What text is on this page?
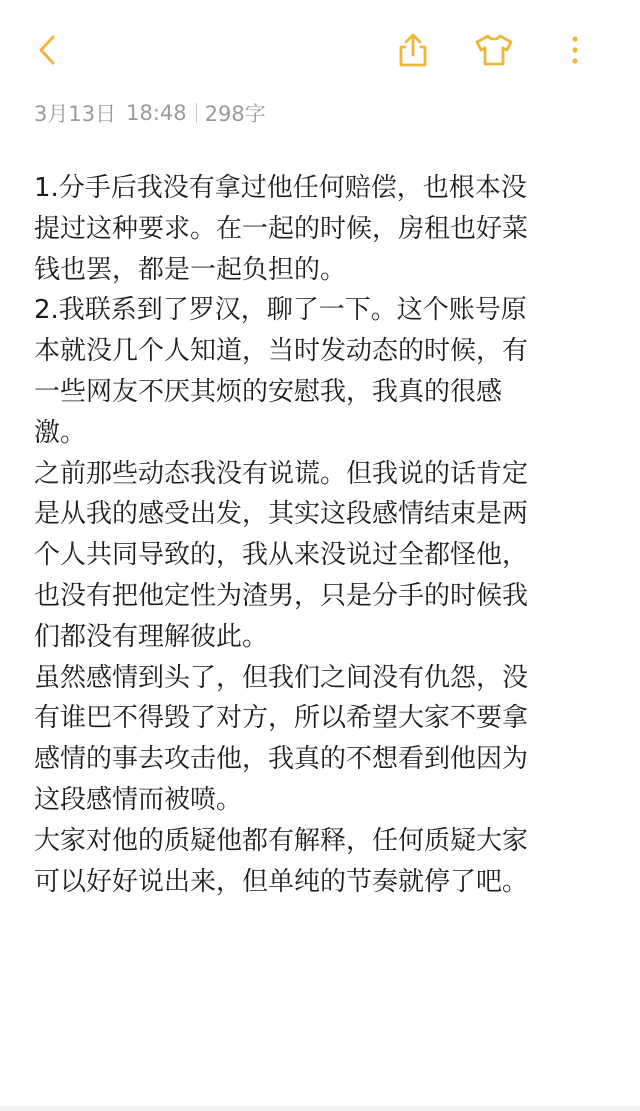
3月13日 18:48 298字
1.分手后我没有拿过他任何赔偿，也根本没
提过这种要求。在一起的时候，房租也好菜
钱也罢，都是一起负担的。
2.我联系到了罗汉，聊了一下。这个账号原
本就没几个人知道，当时发动态的时候，有
一些网友不厌其烦的安慰我，我真的很感
激。
之前那些动态我没有说谎。但我说的话肯定
是从我的感受出发，其实这段感情结束是两
个人共同导致的，我从来没说过全都怪他，
也没有把他定性为渣男，只是分手的时候我
们都没有理解彼此。
虽然感情到头了，但我们之间没有仇怨，没
有谁巴不得毁了对方，所以希望大家不要拿
感情的事去攻击他，我真的不想看到他因为
这段感情而被喷。
大家对他的质疑他都有解释，任何质疑大家
可以好好说出来，但单纯的节奏就停了吧。
